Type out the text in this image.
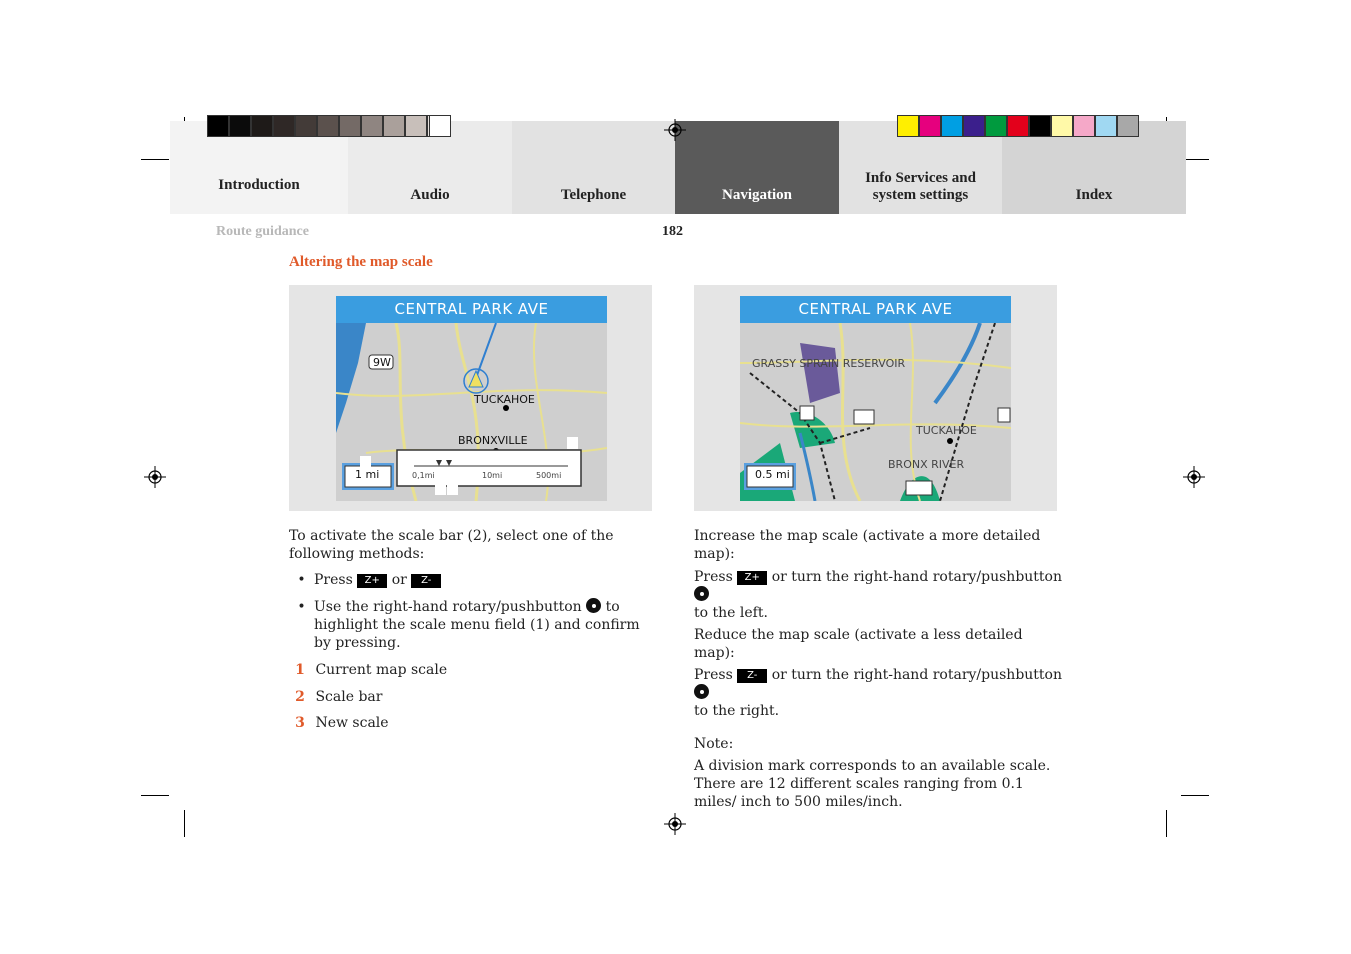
Introduction
Audio	Telephone	Navigation
Info Services and
system settings	Index
Route guidance	182
Altering the map scale
9W
TUCKAHOE
BRONXVILLE
1 mi	0,1mi	10mi	500mi
CENTRAL PARK AVE
GRASSY SPRAIN RESERVOIR
TUCKAHOE
BRONX RIVER
0.5 mi
CENTRAL PARK AVE

To activate the scale bar (2), select one of the following methods:

• Press Z+ or Z-

• Use the right-hand rotary/pushbutton to highlight the scale menu field (1) and confirm by pressing.

1 Current map scale

2 Scale bar

3 New scale

Increase the map scale (activate a more detailed map):

Press Z+ or turn the right-hand rotary/pushbutton
to the left.

Reduce the map scale (activate a less detailed map):

Press Z- or turn the right-hand rotary/pushbutton
to the right.

Note:

A division mark corresponds to an available scale. There are 12 different scales ranging from 0.1 miles/ inch to 500 miles/inch.
